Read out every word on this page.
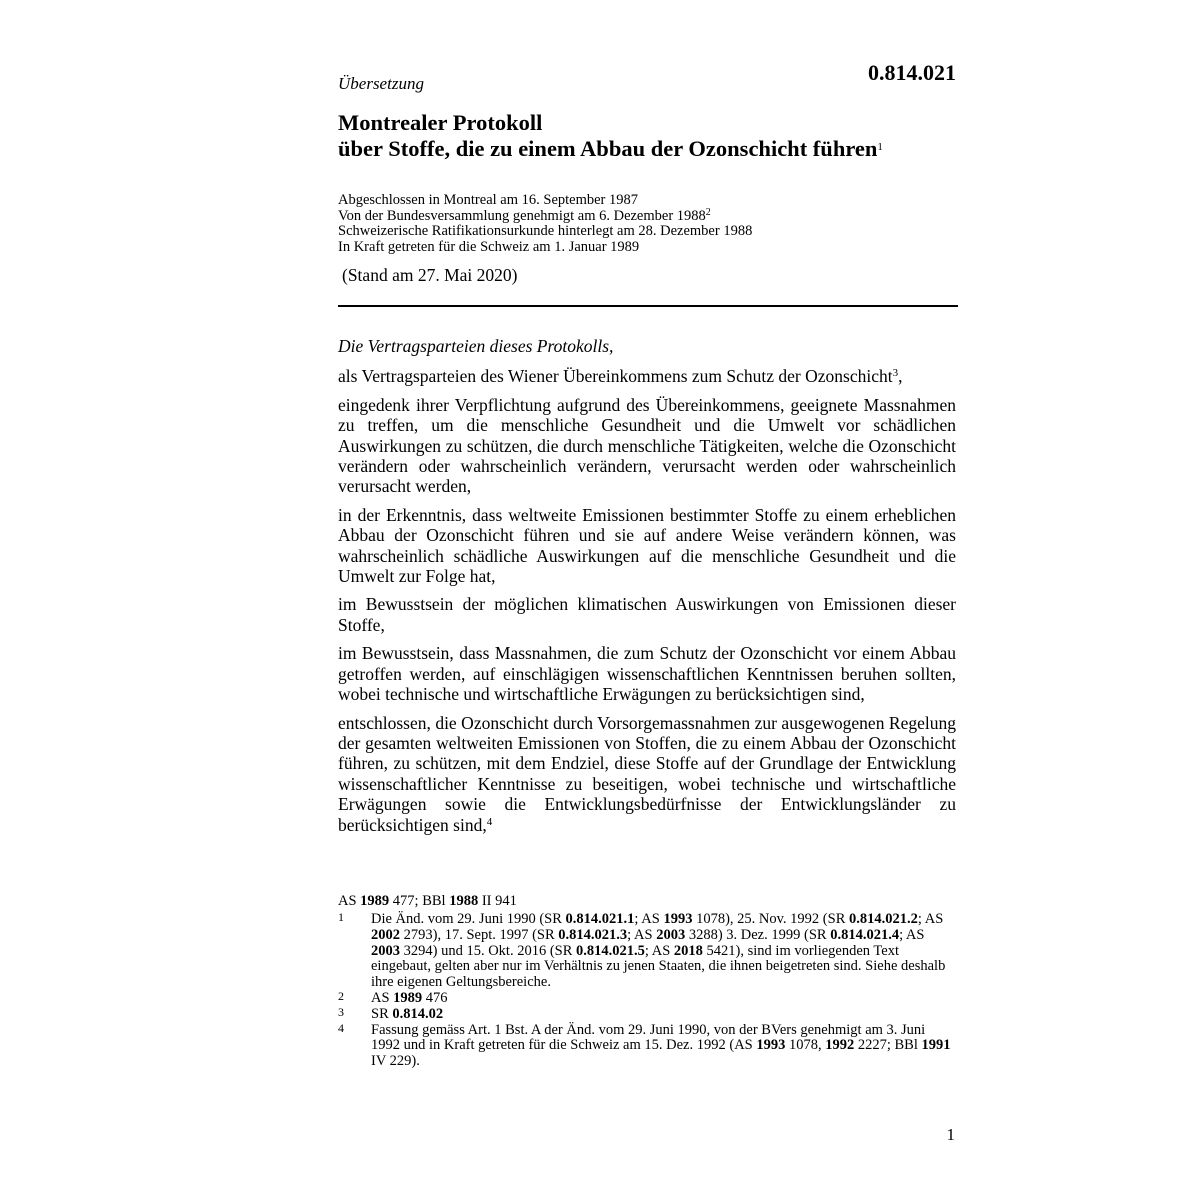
Übersetzung	0.814.021
Montrealer Protokoll
über Stoffe, die zu einem Abbau der Ozonschicht führen$^1$
Abgeschlossen in Montreal am 16. September 1987
Von der Bundesversammlung genehmigt am 6. Dezember 1988$^2$
Schweizerische Ratifikationsurkunde hinterlegt am 28. Dezember 1988
In Kraft getreten für die Schweiz am 1. Januar 1989
(Stand am 27. Mai 2020)

Die Vertragsparteien dieses Protokolls,

als Vertragsparteien des Wiener Übereinkommens zum Schutz der Ozonschicht$^3$,

eingedenk ihrer Verpflichtung aufgrund des Übereinkommens, geeignete Massnahmen zu treffen, um die menschliche Gesundheit und die Umwelt vor schädlichen Auswirkungen zu schützen, die durch menschliche Tätigkeiten, welche die Ozonschicht verändern oder wahrscheinlich verändern, verursacht werden oder wahrscheinlich verursacht werden,

in der Erkenntnis, dass weltweite Emissionen bestimmter Stoffe zu einem erheblichen Abbau der Ozonschicht führen und sie auf andere Weise verändern können, was wahrscheinlich schädliche Auswirkungen auf die menschliche Gesundheit und die Umwelt zur Folge hat,

im Bewusstsein der möglichen klimatischen Auswirkungen von Emissionen dieser Stoffe,

im Bewusstsein, dass Massnahmen, die zum Schutz der Ozonschicht vor einem Abbau getroffen werden, auf einschlägigen wissenschaftlichen Kenntnissen beruhen sollten, wobei technische und wirtschaftliche Erwägungen zu berücksichtigen sind,

entschlossen, die Ozonschicht durch Vorsorgemassnahmen zur ausgewogenen Regelung der gesamten weltweiten Emissionen von Stoffen, die zu einem Abbau der Ozonschicht führen, zu schützen, mit dem Endziel, diese Stoffe auf der Grundlage der Entwicklung wissenschaftlicher Kenntnisse zu beseitigen, wobei technische und wirtschaftliche Erwägungen sowie die Entwicklungsbedürfnisse der Entwicklungsländer zu berücksichtigen sind,$^4$

AS 1989 477; BBl 1988 II 941
1 Die Änd. vom 29. Juni 1990 (SR 0.814.021.1; AS 1993 1078), 25. Nov. 1992 (SR 0.814.021.2; AS 2002 2793), 17. Sept. 1997 (SR 0.814.021.3; AS 2003 3288) 3. Dez. 1999 (SR 0.814.021.4; AS 2003 3294) und 15. Okt. 2016 (SR 0.814.021.5; AS 2018 5421), sind im vorliegenden Text eingebaut, gelten aber nur im Verhältnis zu jenen Staaten, die ihnen beigetreten sind. Siehe deshalb ihre eigenen Geltungsbereiche.
2 AS 1989 476
3 SR 0.814.02
4 Fassung gemäss Art. 1 Bst. A der Änd. vom 29. Juni 1990, von der BVers genehmigt am 3. Juni 1992 und in Kraft getreten für die Schweiz am 15. Dez. 1992 (AS 1993 1078, 1992 2227; BBl 1991 IV 229).
1
